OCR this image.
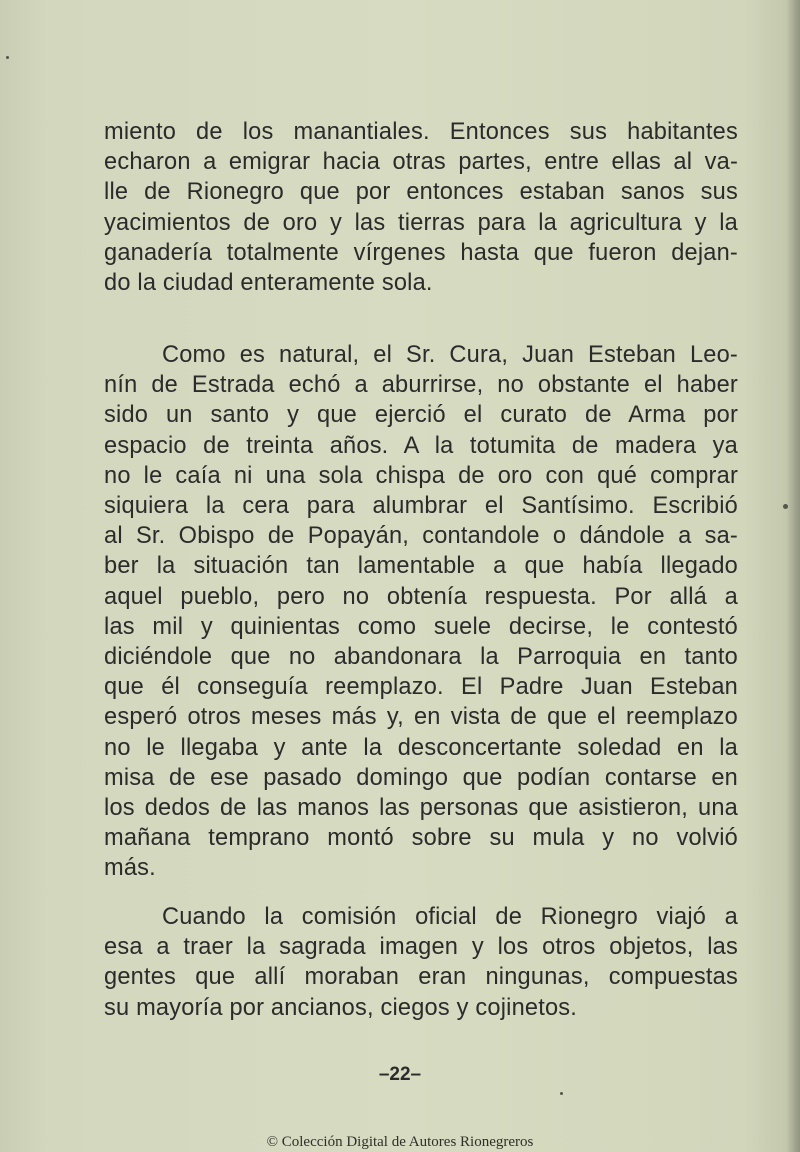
miento de los manantiales. Entonces sus habitantes
echaron a emigrar hacia otras partes, entre ellas al va-
lle de Rionegro que por entonces estaban sanos sus
yacimientos de oro y las tierras para la agricultura y la
ganadería totalmente vírgenes hasta que fueron dejan-
do la ciudad enteramente sola.
Como es natural, el Sr. Cura, Juan Esteban Leo-
nín de Estrada echó a aburrirse, no obstante el haber
sido un santo y que ejerció el curato de Arma por
espacio de treinta años. A la totumita de madera ya
no le caía ni una sola chispa de oro con qué comprar
siquiera la cera para alumbrar el Santísimo. Escribió
al Sr. Obispo de Popayán, contandole o dándole a sa-
ber la situación tan lamentable a que había llegado
aquel pueblo, pero no obtenía respuesta. Por allá a
las mil y quinientas como suele decirse, le contestó
diciéndole que no abandonara la Parroquia en tanto
que él conseguía reemplazo. El Padre Juan Esteban
esperó otros meses más y, en vista de que el reemplazo
no le llegaba y ante la desconcertante soledad en la
misa de ese pasado domingo que podían contarse en
los dedos de las manos las personas que asistieron, una
mañana temprano montó sobre su mula y no volvió
más.
Cuando la comisión oficial de Rionegro viajó a
esa a traer la sagrada imagen y los otros objetos, las
gentes que allí moraban eran ningunas, compuestas
su mayoría por ancianos, ciegos y cojinetos.
–22–
© Colección Digital de Autores Rionegreros
